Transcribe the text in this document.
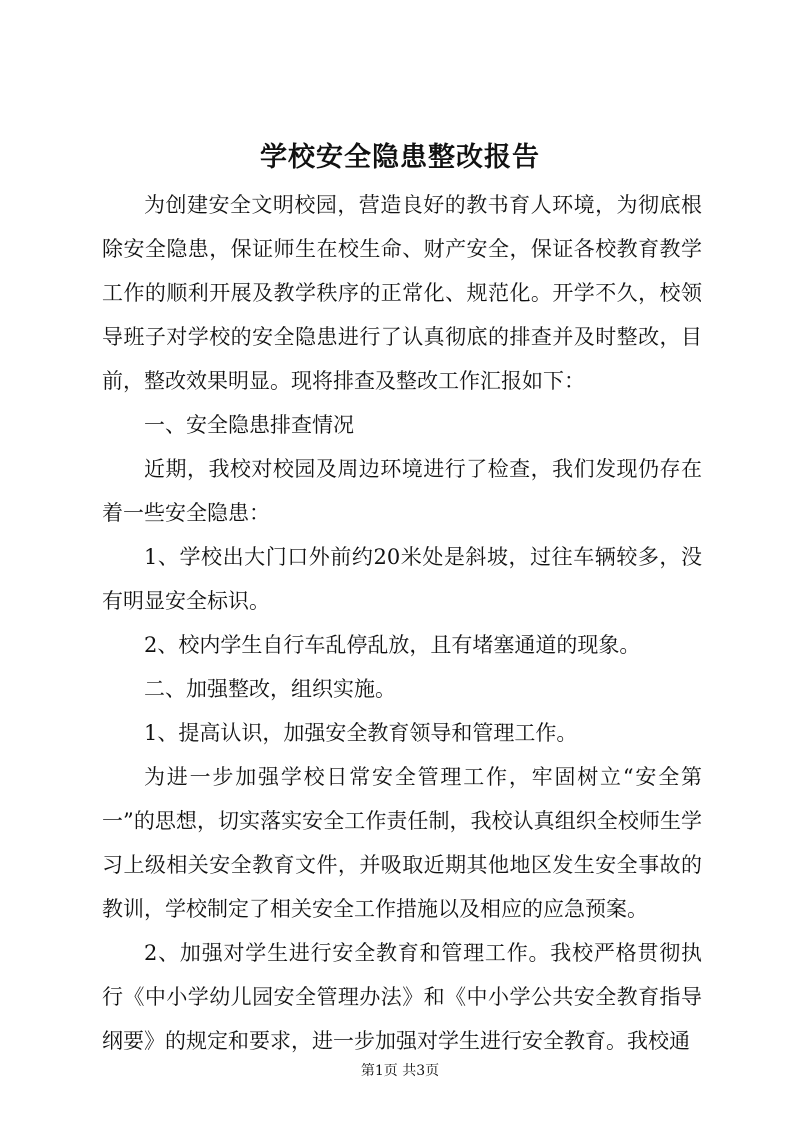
学校安全隐患整改报告

为创建安全文明校园，营造良好的教书育人环境，为彻底根除安全隐患，保证师生在校生命、财产安全，保证各校教育教学工作的顺利开展及教学秩序的正常化、规范化。开学不久，校领导班子对学校的安全隐患进行了认真彻底的排查并及时整改，目前，整改效果明显。现将排查及整改工作汇报如下：

一、安全隐患排查情况

近期，我校对校园及周边环境进行了检查，我们发现仍存在着一些安全隐患：

1、学校出大门口外前约20米处是斜坡，过往车辆较多，没有明显安全标识。

2、校内学生自行车乱停乱放，且有堵塞通道的现象。

二、加强整改，组织实施。

1、提高认识，加强安全教育领导和管理工作。

为进一步加强学校日常安全管理工作，牢固树立“安全第一”的思想，切实落实安全工作责任制，我校认真组织全校师生学习上级相关安全教育文件，并吸取近期其他地区发生安全事故的教训，学校制定了相关安全工作措施以及相应的应急预案。

2、加强对学生进行安全教育和管理工作。我校严格贯彻执行《中小学幼儿园安全管理办法》和《中小学公共安全教育指导纲要》的规定和要求，进一步加强对学生进行安全教育。我校通

第1页 共3页
